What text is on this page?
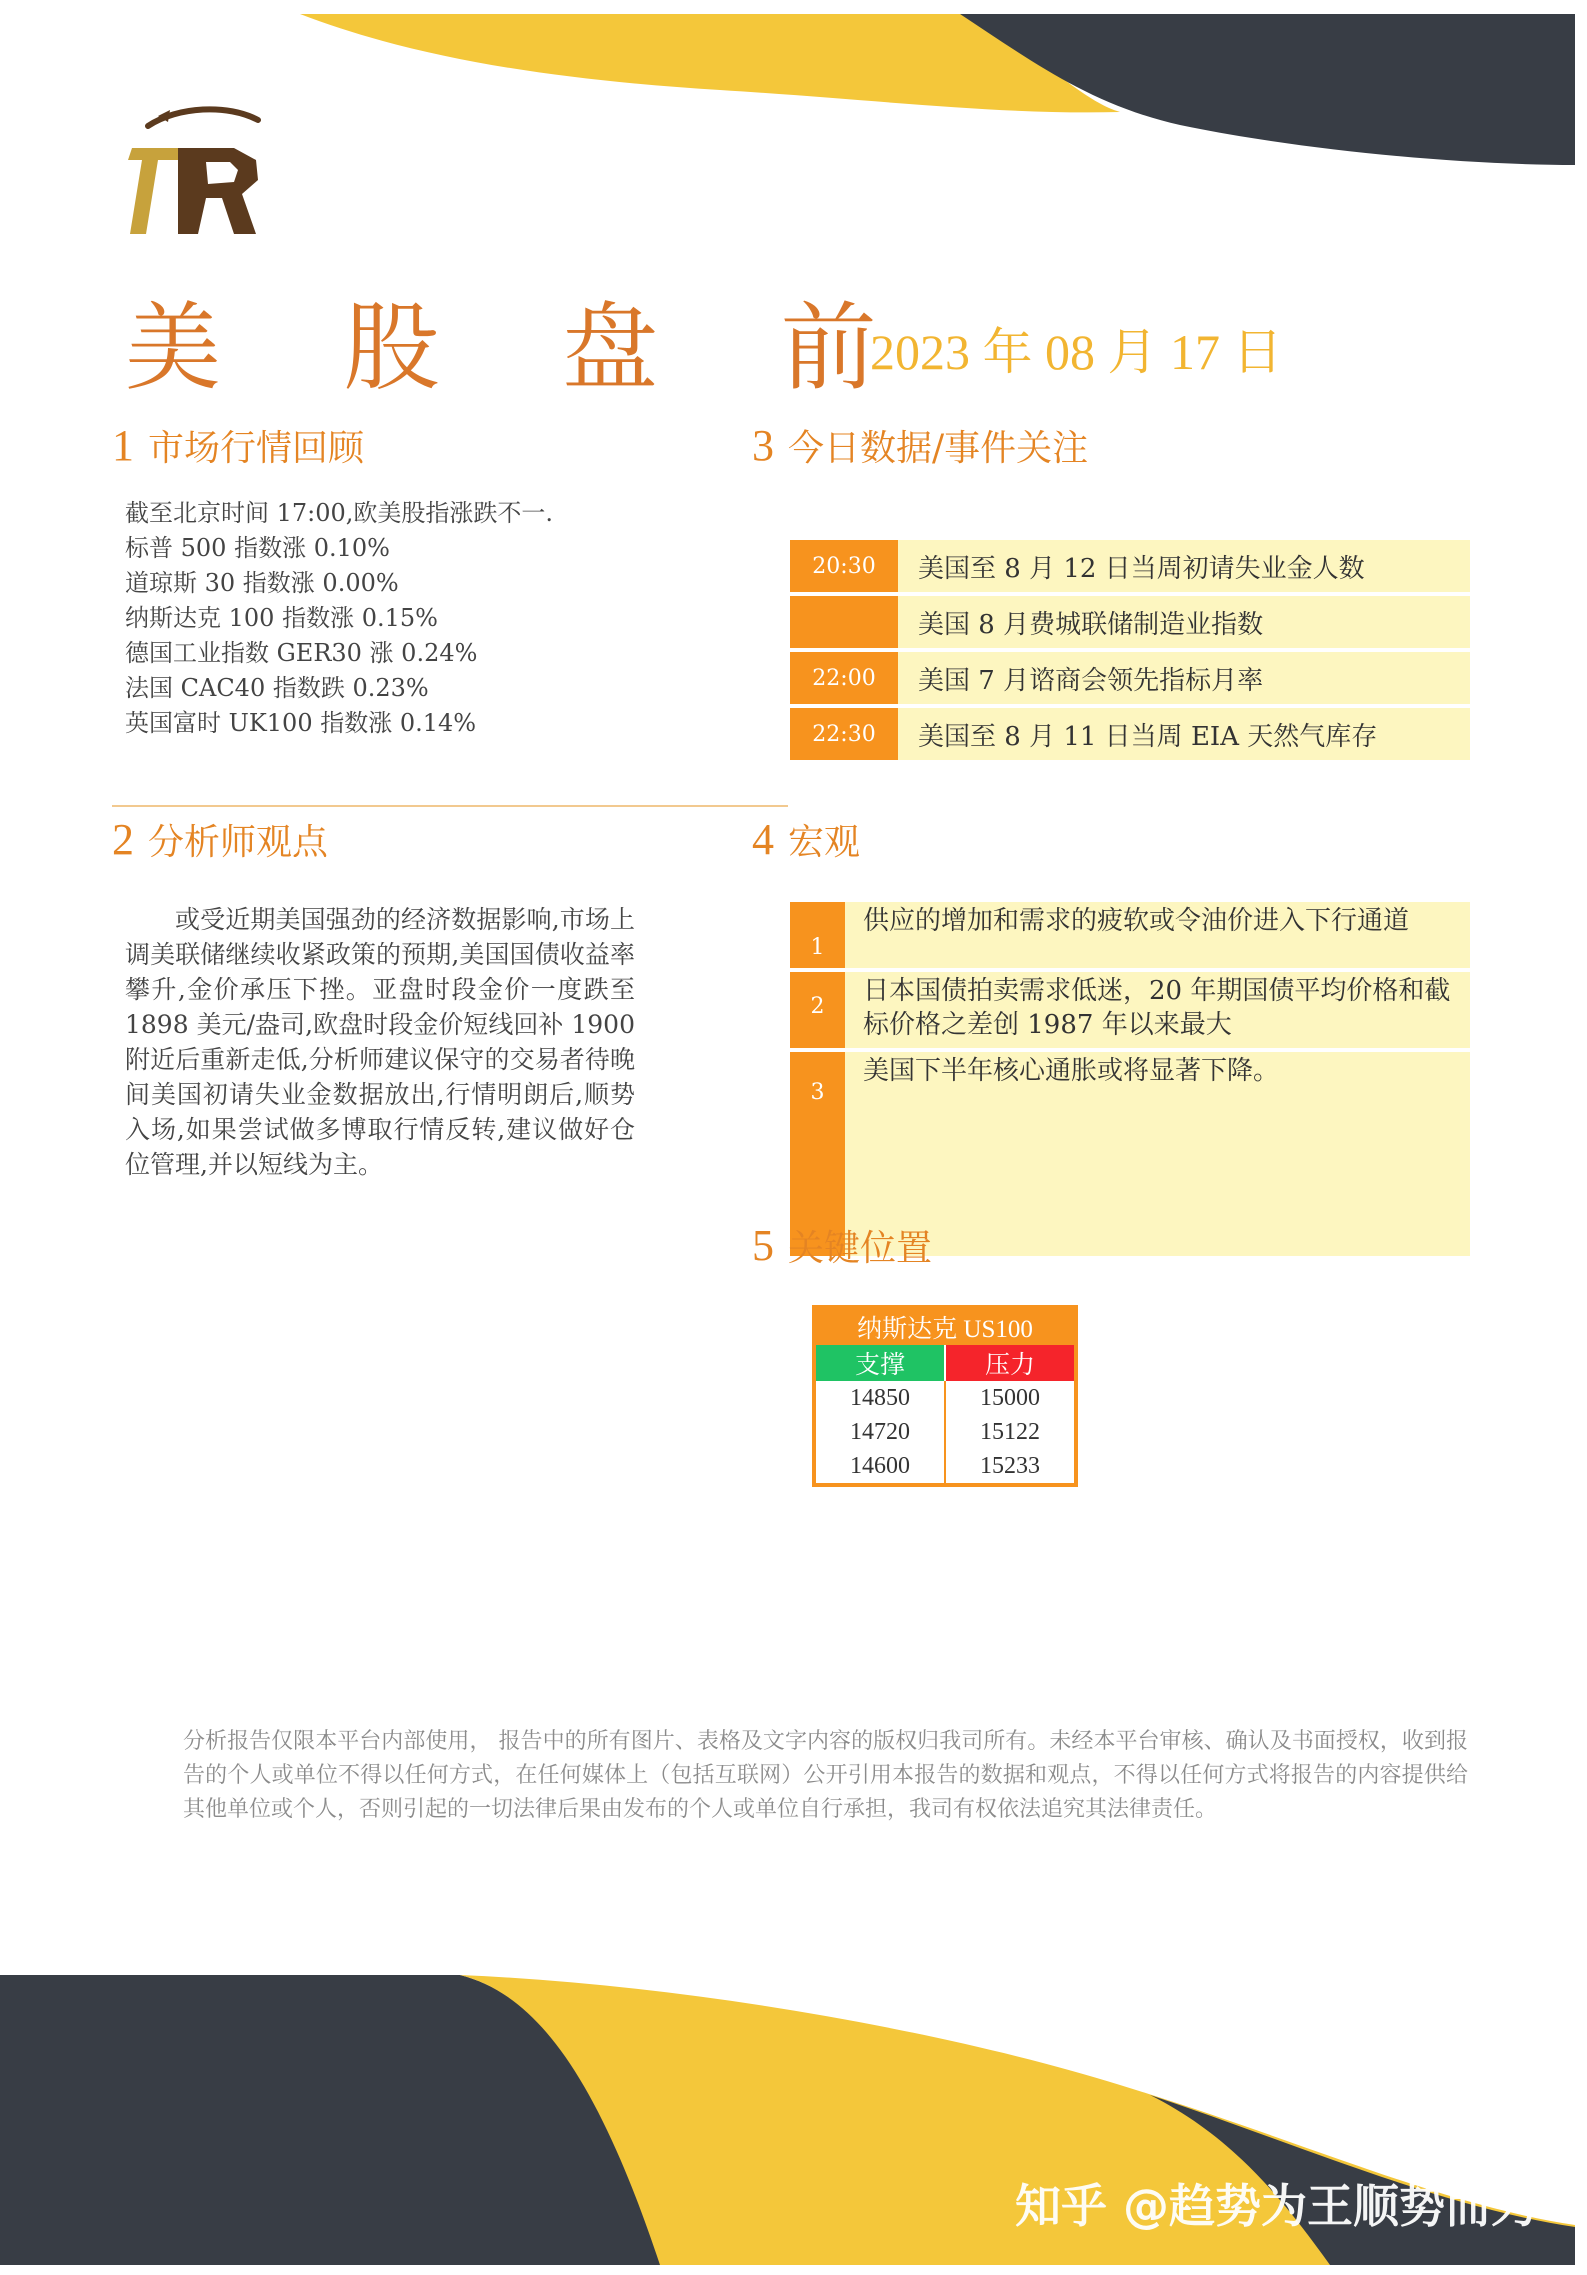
美 股 盘 前
2023 年 08 月 17 日
1 市场行情回顾
截至北京时间 17:00,欧美股指涨跌不一.
标普 500 指数涨 0.10%
道琼斯 30 指数涨 0.00%
纳斯达克 100 指数涨 0.15%
德国工业指数 GER30 涨 0.24%
法国 CAC40 指数跌 0.23%
英国富时 UK100 指数涨 0.14%
2 分析师观点

或受近期美国强劲的经济数据影响,市场上调美联储继续收紧政策的预期,美国国债收益率攀升,金价承压下挫。亚盘时段金价一度跌至 1898 美元/盎司,欧盘时段金价短线回补 1900 附近后重新走低,分析师建议保守的交易者待晚间美国初请失业金数据放出,行情明朗后,顺势入场,如果尝试做多博取行情反转,建议做好仓位管理,并以短线为主。

3 今日数据/事件关注
20:30	美国至 8 月 12 日当周初请失业金人数
	美国 8 月费城联储制造业指数
22:00	美国 7 月谘商会领先指标月率
22:30	美国至 8 月 11 日当周 EIA 天然气库存
4 宏观
1	供应的增加和需求的疲软或令油价进入下行通道
2	日本国债拍卖需求低迷，20 年期国债平均价格和截标价格之差创 1987 年以来最大
3	美国下半年核心通胀或将显著下降。
5 关键位置
纳斯达克 US100	
支撑	压力
14850	15000
14720	15122
14600	15233
分析报告仅限本平台内部使用， 报告中的所有图片、表格及文字内容的版权归我司所有。未经本平台审核、确认及书面授权，收到报告的个人或单位不得以任何方式，在任何媒体上（包括互联网）公开引用本报告的数据和观点，不得以任何方式将报告的内容提供给其他单位或个人，否则引起的一切法律后果由发布的个人或单位自行承担，我司有权依法追究其法律责任。
知乎 @趋势为王顺势而为
